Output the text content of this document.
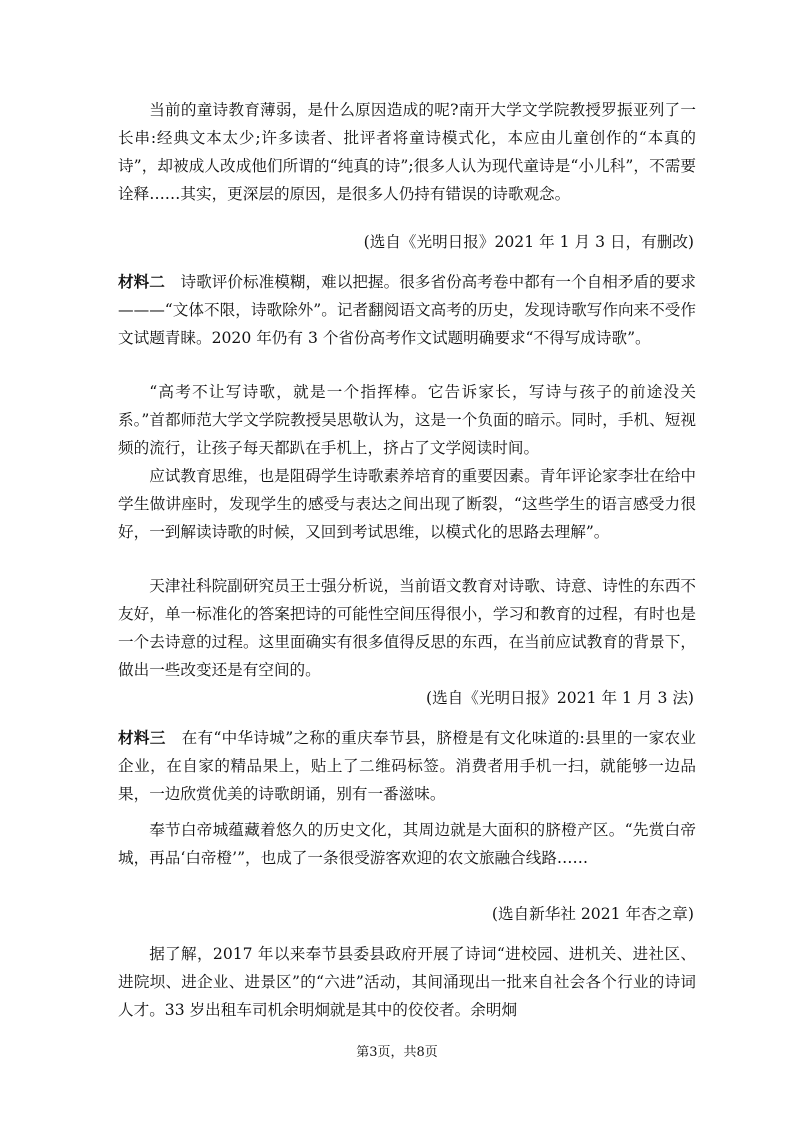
当前的童诗教育薄弱，是什么原因造成的呢?南开大学文学院教授罗振亚列了一长串:经典文本太少;许多读者、批评者将童诗模式化，本应由儿童创作的“本真的诗”，却被成人改成他们所谓的“纯真的诗”;很多人认为现代童诗是“小儿科”，不需要诠释……其实，更深层的原因，是很多人仍持有错误的诗歌观念。

(选自《光明日报》2021 年 1 月 3 日，有删改)

材料二　诗歌评价标准模糊，难以把握。很多省份高考卷中都有一个自相矛盾的要求———“文体不限，诗歌除外”。记者翻阅语文高考的历史，发现诗歌写作向来不受作文试题青睐。2020 年仍有 3 个省份高考作文试题明确要求“不得写成诗歌”。

“高考不让写诗歌，就是一个指挥棒。它告诉家长，写诗与孩子的前途没关系。”首都师范大学文学院教授吴思敬认为，这是一个负面的暗示。同时，手机、短视频的流行，让孩子每天都趴在手机上，挤占了文学阅读时间。

应试教育思维，也是阻碍学生诗歌素养培育的重要因素。青年评论家李壮在给中学生做讲座时，发现学生的感受与表达之间出现了断裂，“这些学生的语言感受力很好，一到解读诗歌的时候，又回到考试思维，以模式化的思路去理解”。

天津社科院副研究员王士强分析说，当前语文教育对诗歌、诗意、诗性的东西不友好，单一标准化的答案把诗的可能性空间压得很小，学习和教育的过程，有时也是一个去诗意的过程。这里面确实有很多值得反思的东西，在当前应试教育的背景下，做出一些改变还是有空间的。

(选自《光明日报》2021 年 1 月 3 法)

材料三　在有“中华诗城”之称的重庆奉节县，脐橙是有文化味道的:县里的一家农业企业，在自家的精品果上，贴上了二维码标签。消费者用手机一扫，就能够一边品果，一边欣赏优美的诗歌朗诵，别有一番滋味。

奉节白帝城蕴藏着悠久的历史文化，其周边就是大面积的脐橙产区。“先赏白帝城，再品‘白帝橙’”，也成了一条很受游客欢迎的农文旅融合线路……

(选自新华社 2021 年杏之章)

据了解，2017 年以来奉节县委县政府开展了诗词“进校园、进机关、进社区、进院坝、进企业、进景区”的“六进”活动，其间涌现出一批来自社会各个行业的诗词人才。33 岁出租车司机余明炯就是其中的佼佼者。余明炯

第3页，共8页
